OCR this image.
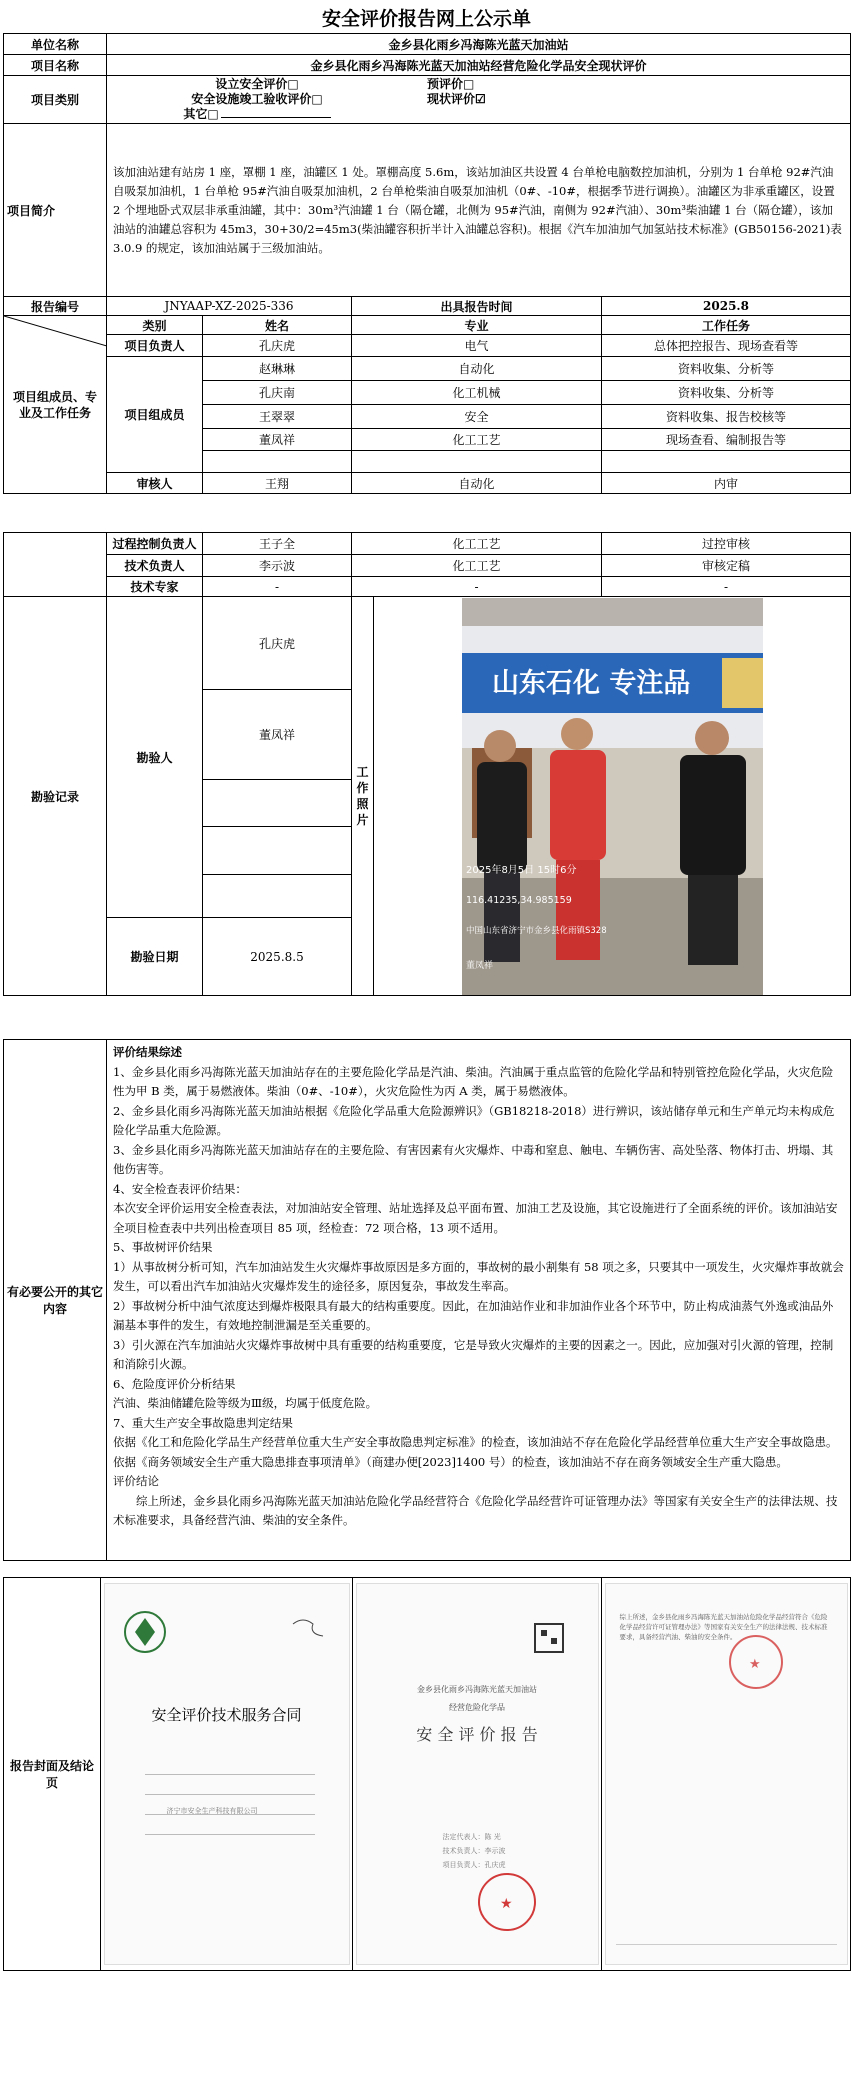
安全评价报告网上公示单
单位名称	金乡县化雨乡冯海陈光蓝天加油站			
项目名称	金乡县化雨乡冯海陈光蓝天加油站经营危险化学品安全现状评价			
项目类别	设立安全评价□
安全设施竣工验收评价□
其它□
预评价□
现状评价☑			

项目简介	该加油站建有站房 1 座，罩棚 1 座，油罐区 1 处。罩棚高度 5.6m，该站加油区共设置 4 台单枪电脑数控加油机，分别为 1 台单枪 92#汽油自吸泵加油机，1 台单枪 95#汽油自吸泵加油机，2 台单枪柴油自吸泵加油机（0#、-10#，根据季节进行调换）。油罐区为非承重罐区，设置 2 个埋地卧式双层非承重油罐，其中：30m³汽油罐 1 台（隔仓罐，北侧为 95#汽油，南侧为 92#汽油）、30m³柴油罐 1 台（隔仓罐），该加油站的油罐总容积为 45m3，30+30/2=45m3(柴油罐容积折半计入油罐总容积)。根据《汽车加油加气加氢站技术标准》(GB50156-2021)表 3.0.9 的规定，该加油站属于三级加油站。			
报告编号	JNYAAP-XZ-2025-336		出具报告时间	2025.8

项目组成员、专业及工作任务	类别	姓名	专业	工作任务
	项目负责人	孔庆虎	电气	总体把控报告、现场查看等
	项目组成员	赵琳琳	自动化	资料收集、分析等
		孔庆南	化工机械	资料收集、分析等
		王翠翠	安全	资料收集、报告校核等
		董凤祥	化工工艺	现场查看、编制报告等

	审核人	王翔	自动化	内审
	过程控制负责人	王子全	化工工艺		过控审核
	技术负责人	李示波	化工工艺		审核定稿
	技术专家	-	-		-
勘验记录	勘验人	孔庆虎	工作照片	山东石化 专注品
2025年8月5日 15时6分
116.41235,34.985159
中国山东省济宁市金乡县化雨镇S328
董凤祥	

		董凤祥			

	勘验日期	2025.8.5			
有必要公开的其它内容	

评价结果综述

1、金乡县化雨乡冯海陈光蓝天加油站存在的主要危险化学品是汽油、柴油。汽油属于重点监管的危险化学品和特别管控危险化学品，火灾危险性为甲 B 类，属于易燃液体。柴油（0#、-10#），火灾危险性为丙 A 类，属于易燃液体。

2、金乡县化雨乡冯海陈光蓝天加油站根据《危险化学品重大危险源辨识》（GB18218-2018）进行辨识，该站储存单元和生产单元均未构成危险化学品重大危险源。

3、金乡县化雨乡冯海陈光蓝天加油站存在的主要危险、有害因素有火灾爆炸、中毒和窒息、触电、车辆伤害、高处坠落、物体打击、坍塌、其他伤害等。

4、安全检查表评价结果：

本次安全评价运用安全检查表法，对加油站安全管理、站址选择及总平面布置、加油工艺及设施，其它设施进行了全面系统的评价。该加油站安全项目检查表中共列出检查项目 85 项，经检查：72 项合格，13 项不适用。

5、事故树评价结果

1）从事故树分析可知，汽车加油站发生火灾爆炸事故原因是多方面的，事故树的最小割集有 58 项之多，只要其中一项发生，火灾爆炸事故就会发生，可以看出汽车加油站火灾爆炸发生的途径多，原因复杂，事故发生率高。

2）事故树分析中油气浓度达到爆炸极限具有最大的结构重要度。因此，在加油站作业和非加油作业各个环节中，防止构成油蒸气外逸或油品外漏基本事件的发生，有效地控制泄漏是至关重要的。

3）引火源在汽车加油站火灾爆炸事故树中具有重要的结构重要度，它是导致火灾爆炸的主要的因素之一。因此，应加强对引火源的管理，控制和消除引火源。

6、危险度评价分析结果

汽油、柴油储罐危险等级为Ⅲ级，均属于低度危险。

7、重大生产安全事故隐患判定结果

依据《化工和危险化学品生产经营单位重大生产安全事故隐患判定标准》的检查，该加油站不存在危险化学品经营单位重大生产安全事故隐患。依据《商务领域安全生产重大隐患排查事项清单》（商建办便[2023]1400 号）的检查，该加油站不存在商务领域安全生产重大隐患。

评价结论

综上所述，金乡县化雨乡冯海陈光蓝天加油站危险化学品经营符合《危险化学品经营许可证管理办法》等国家有关安全生产的法律法规、技术标准要求，具备经营汽油、柴油的安全条件。

报告封面及结论页	
安全评价技术服务合同
济宁市安全生产科技有限公司

★
金乡县化雨乡冯海陈光蓝天加油站
经营危险化学品
安 全 评 价 报 告
法定代表人：陈 光
技术负责人：李示波
项目负责人：孔庆虎

综上所述，金乡县化雨乡冯海陈光蓝天加油站危险化学品经营符合《危险化学品经营许可证管理办法》等国家有关安全生产的法律法规、技术标准要求，具备经营汽油、柴油的安全条件。
★
